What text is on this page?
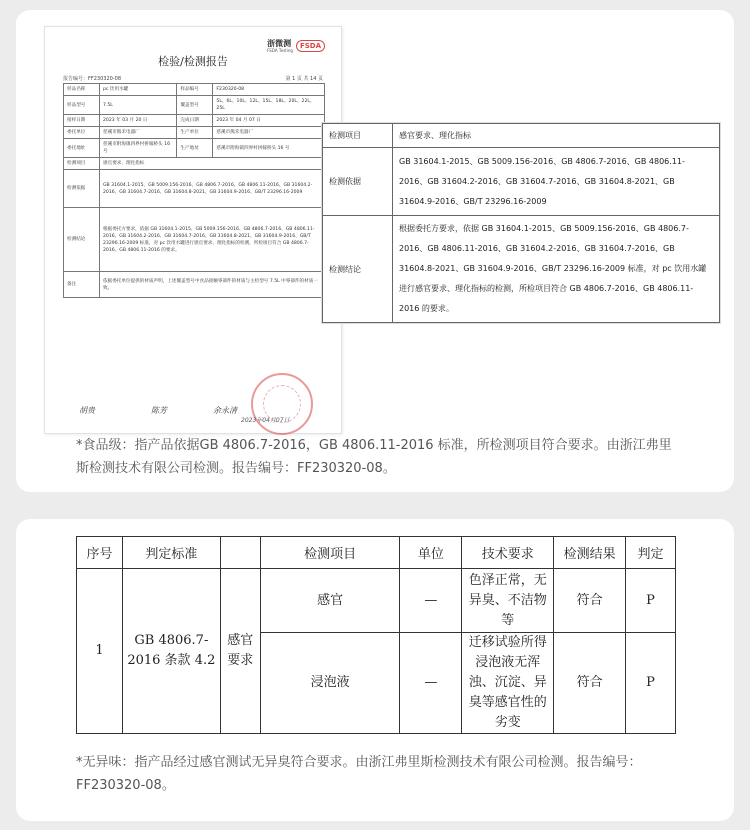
浙微测
FSDA Testing
FSDA
检验/检测报告
报告编号：FF230320-08	第 1 页 共 14 页
样品名称	pc 饮用水罐	样品编号	F230320-08
样品型号	7.5L	覆盖型号	5L、6L、10L、12L、15L、18L、20L、22L、25L
接样日期	2023 年 03 月 20 日	完成日期	2023 年 04 月 07 日
委托单位	慈溪市熊禾电器厂	生产单位	慈溪市熊禾电器厂
委托地址	慈溪市附海镇四界村拼嫁桥头 16 号	生产地址	慈溪市附海镇四界村拼嫁桥头 16 号
检测项目	感官要求、理化指标		
检测依据	GB 31604.1-2015、GB 5009.156-2016、GB 4806.7-2016、GB 4806.11-2016、GB 31604.2-2016、GB 31604.7-2016、GB 31604.8-2021、GB 31604.9-2016、GB/T 23296.16-2009		
检测结论	根据委托方要求，依据 GB 31604.1-2015、GB 5009.156-2016、GB 4806.7-2016、GB 4806.11-2016、GB 31604.2-2016、GB 31604.7-2016、GB 31604.8-2021、GB 31604.9-2016、GB/T 23296.16-2009 标准，对 pc 饮用水罐进行感官要求、理化指标的检测，所检项目符合 GB 4806.7-2016、GB 4806.11-2016 的要求。		
备注	依据委托单位提供的材质声明，上述覆盖型号中食品接触零部件的材质与主检型号 7.5L 中零部件的材质一致。		
胡贵	陈芳	余永清
2023年04月07日
检测项目	感官要求、理化指标
检测依据	GB 31604.1-2015、GB 5009.156-2016、GB 4806.7-2016、GB 4806.11-2016、GB 31604.2-2016、GB 31604.7-2016、GB 31604.8-2021、GB 31604.9-2016、GB/T 23296.16-2009
检测结论	根据委托方要求，依据 GB 31604.1-2015、GB 5009.156-2016、GB 4806.7-2016、GB 4806.11-2016、GB 31604.2-2016、GB 31604.7-2016、GB 31604.8-2021、GB 31604.9-2016、GB/T 23296.16-2009 标准，对 pc 饮用水罐进行感官要求、理化指标的检测，所检项目符合 GB 4806.7-2016、GB 4806.11-2016 的要求。
*食品级：指产品依据GB 4806.7-2016，GB 4806.11-2016 标准，所检测项目符合要求。由浙江弗里斯检测技术有限公司检测。报告编号：FF230320-08。
序号	判定标准		检测项目	单位	技术要求	检测结果	判定
1	GB 4806.7-2016 条款 4.2	感官要求	感官	—	色泽正常，无异臭、不洁物等	符合	P
			浸泡液	—	迁移试验所得浸泡液无浑浊、沉淀、异臭等感官性的劣变	符合	P
*无异味：指产品经过感官测试无异臭符合要求。由浙江弗里斯检测技术有限公司检测。报告编号：FF230320-08。
